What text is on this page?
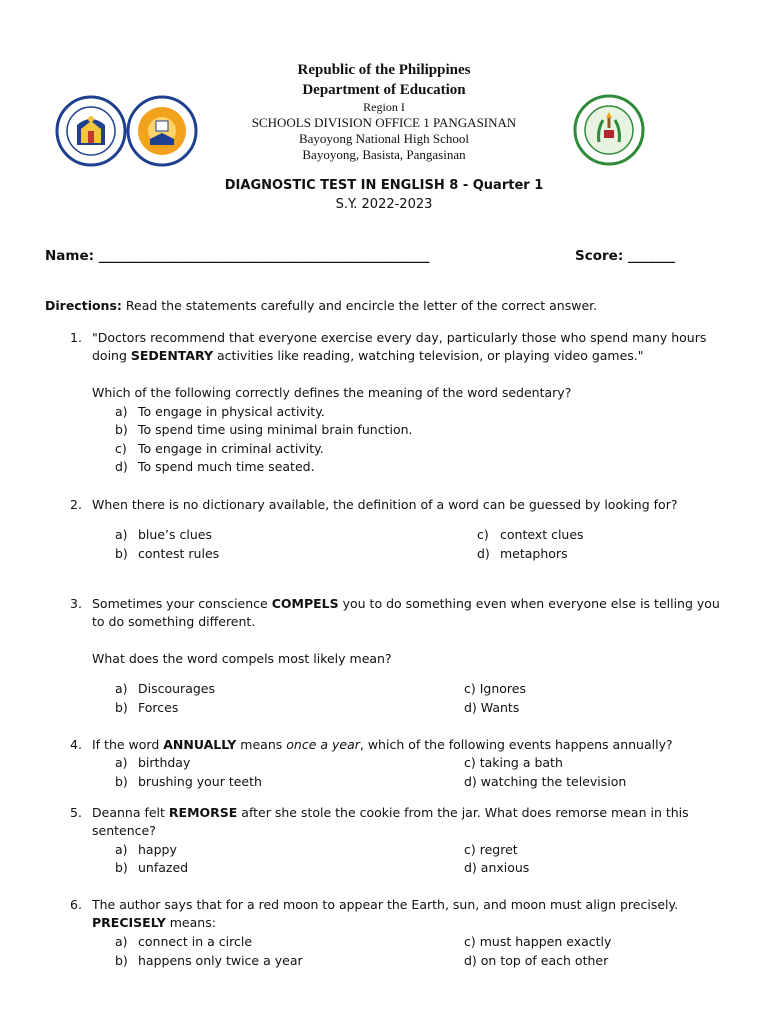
Republic of the Philippines
Department of Education
Region I
SCHOOLS DIVISION OFFICE 1 PANGASINAN
Bayoyong National High School
Bayoyong, Basista, Pangasinan
DIAGNOSTIC TEST IN ENGLISH 8 - Quarter 1
S.Y. 2022-2023
Name: _________________________________________________	Score: _______
Directions: Read the statements carefully and encircle the letter of the correct answer.
1. "Doctors recommend that everyone exercise every day, particularly those who spend many hours
doing SEDENTARY activities like reading, watching television, or playing video games."
Which of the following correctly defines the meaning of the word sedentary?
a) To engage in physical activity.
b) To spend time using minimal brain function.
c) To engage in criminal activity.
d) To spend much time seated.
2. When there is no dictionary available, the definition of a word can be guessed by looking for?
a) blue’s clues
b) contest rules
c) context clues
d) metaphors
3. Sometimes your conscience COMPELS you to do something even when everyone else is telling you
to do something different.
What does the word compels most likely mean?
a) Discourages
b) Forces
c) Ignores
d) Wants
4. If the word ANNUALLY means once a year, which of the following events happens annually?
a) birthday
b) brushing your teeth
c) taking a bath
d) watching the television
5. Deanna felt REMORSE after she stole the cookie from the jar. What does remorse mean in this
sentence?
a) happy
b) unfazed
c) regret
d) anxious
6. The author says that for a red moon to appear the Earth, sun, and moon must align precisely.
PRECISELY means:
a) connect in a circle
b) happens only twice a year
c) must happen exactly
d) on top of each other
